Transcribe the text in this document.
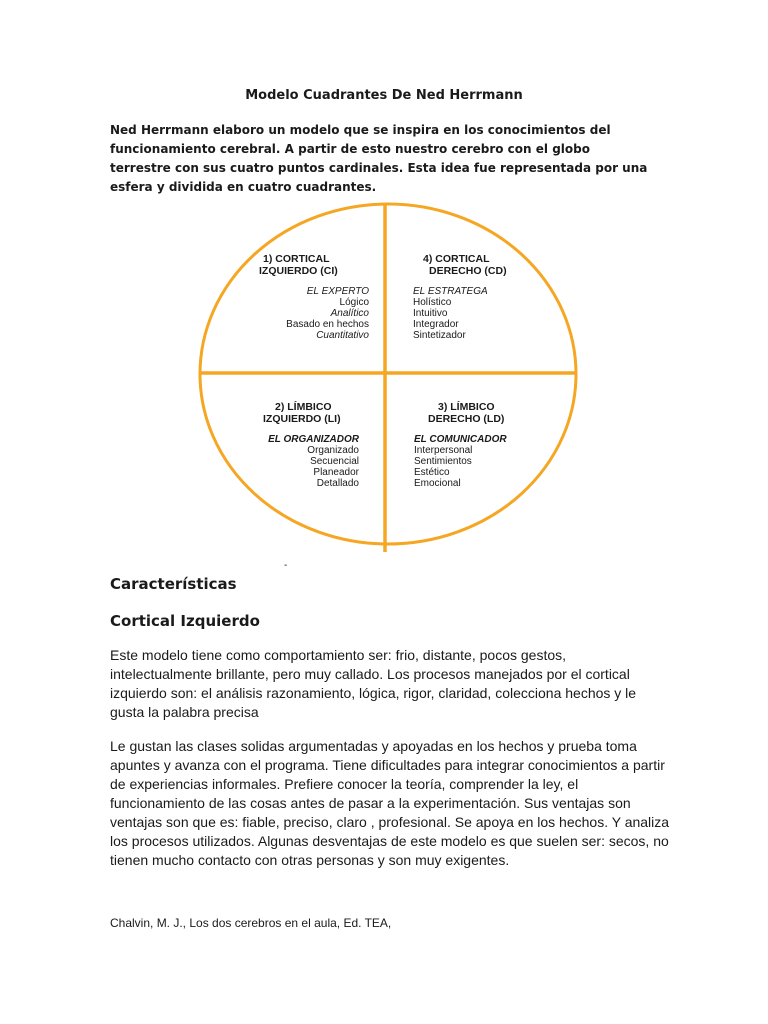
Modelo Cuadrantes De Ned Herrmann
Ned Herrmann elaboro un modelo que se inspira en los conocimientos del funcionamiento cerebral. A partir de esto nuestro cerebro con el globo terrestre con sus cuatro puntos cardinales. Esta idea fue representada por una esfera y dividida en cuatro cuadrantes.
1) CORTICAL
IZQUIERDO (CI)
EL EXPERTO
Lógico
Analítico
Basado en hechos
Cuantitativo
4) CORTICAL
DERECHO (CD)
EL ESTRATEGA
Holístico
Intuitivo
Integrador
Sintetizador
2) LÍMBICO
IZQUIERDO (LI)
EL ORGANIZADOR
Organizado
Secuencial
Planeador
Detallado
3) LÍMBICO
DERECHO (LD)
EL COMUNICADOR
Interpersonal
Sentimientos
Estético
Emocional
-
Características
Cortical Izquierdo
Este modelo tiene como comportamiento ser: frio, distante, pocos gestos, intelectualmente brillante, pero muy callado. Los procesos manejados por el cortical izquierdo son: el análisis razonamiento, lógica, rigor, claridad, colecciona hechos y le gusta la palabra precisa
Le gustan las clases solidas argumentadas y apoyadas en los hechos y prueba toma apuntes y avanza con el programa. Tiene dificultades para integrar conocimientos a partir de experiencias informales. Prefiere conocer la teoría, comprender la ley, el funcionamiento de las cosas antes de pasar a la experimentación. Sus ventajas son ventajas son que es: fiable, preciso, claro , profesional. Se apoya en los hechos. Y analiza los procesos utilizados. Algunas desventajas de este modelo es que suelen ser: secos, no tienen mucho contacto con otras personas y son muy exigentes.
Chalvin, M. J., Los dos cerebros en el aula, Ed. TEA,
